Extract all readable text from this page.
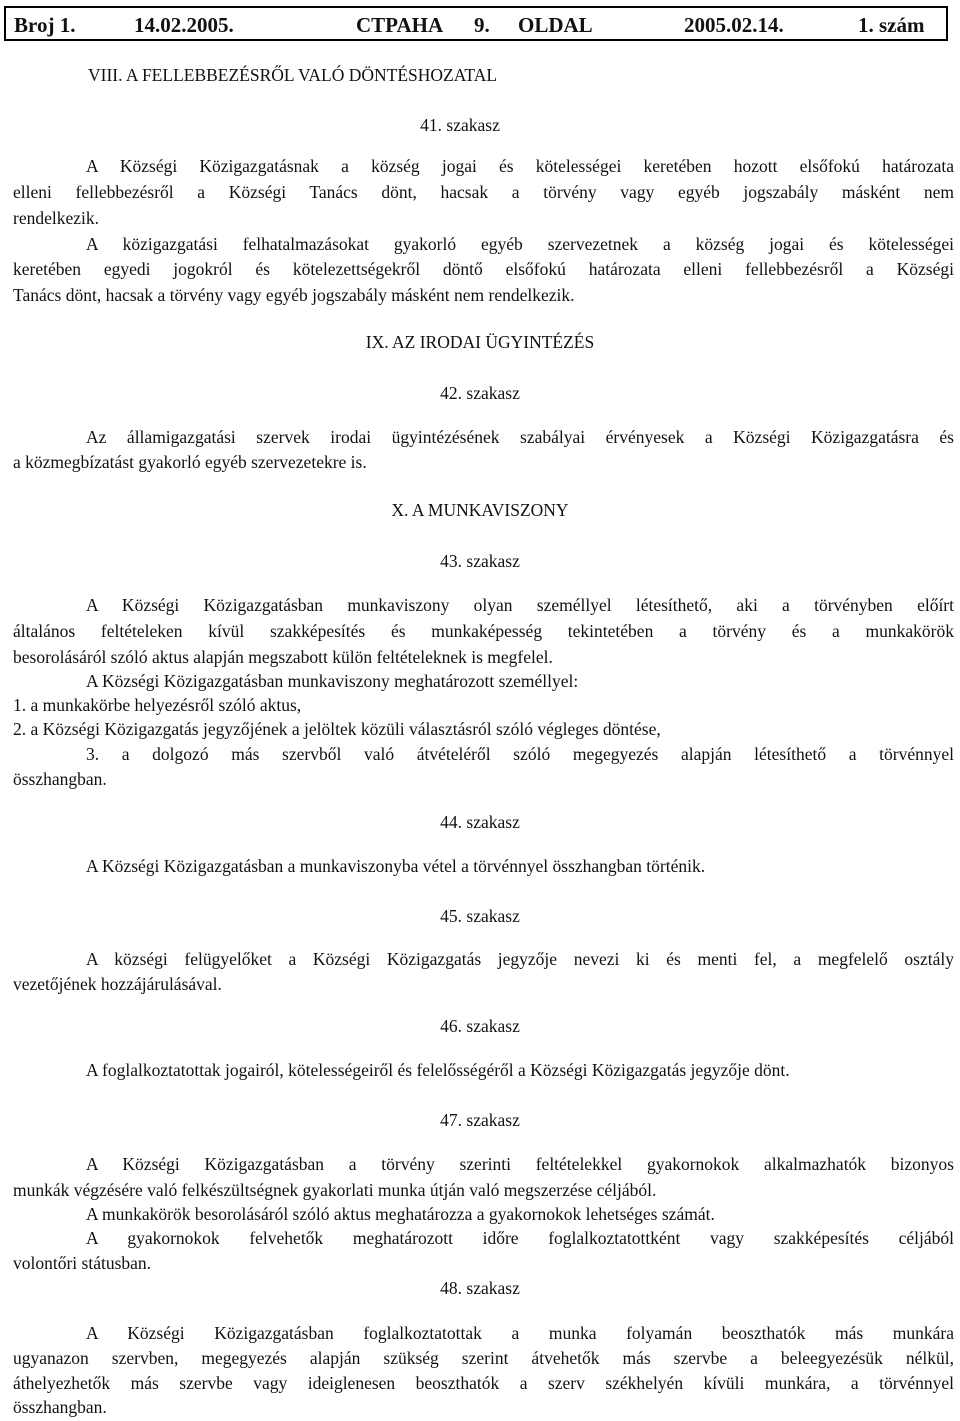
Broj 1.	14.02.2005.	CTPAHA 9. OLDAL	2005.02.14.	1. szám
VIII. A FELLEBBEZÉSRŐL VALÓ DÖNTÉSHOZATAL
41. szakasz
A Községi Közigazgatásnak a község jogai és kötelességei keretében hozott elsőfokú határozata
elleni fellebbezésről a Községi Tanács dönt, hacsak a törvény vagy egyéb jogszabály másként nem
rendelkezik.
A közigazgatási felhatalmazásokat gyakorló egyéb szervezetnek a község jogai és kötelességei
keretében egyedi jogokról és kötelezettségekről döntő elsőfokú határozata elleni fellebbezésről a Községi
Tanács dönt, hacsak a törvény vagy egyéb jogszabály másként nem rendelkezik.
IX. AZ IRODAI ÜGYINTÉZÉS
42. szakasz
Az államigazgatási szervek irodai ügyintézésének szabályai érvényesek a Községi Közigazgatásra és
a közmegbízatást gyakorló egyéb szervezetekre is.
X. A MUNKAVISZONY
43. szakasz
A Községi Közigazgatásban munkaviszony olyan személlyel létesíthető, aki a törvényben előírt
általános feltételeken kívül szakképesítés és munkaképesség tekintetében a törvény és a munkakörök
besorolásáról szóló aktus alapján megszabott külön feltételeknek is megfelel.
A Községi Közigazgatásban munkaviszony meghatározott személlyel:
1. a munkakörbe helyezésről szóló aktus,
2. a Községi Közigazgatás jegyzőjének a jelöltek közüli választásról szóló végleges döntése,
3. a dolgozó más szervből való átvételéről szóló megegyezés alapján létesíthető a törvénnyel
összhangban.
44. szakasz
A Községi Közigazgatásban a munkaviszonyba vétel a törvénnyel összhangban történik.
45. szakasz
A községi felügyelőket a Községi Közigazgatás jegyzője nevezi ki és menti fel, a megfelelő osztály
vezetőjének hozzájárulásával.
46. szakasz
A foglalkoztatottak jogairól, kötelességeiről és felelősségéről a Községi Közigazgatás jegyzője dönt.
47. szakasz
A Községi Közigazgatásban a törvény szerinti feltételekkel gyakornokok alkalmazhatók bizonyos
munkák végzésére való felkészültségnek gyakorlati munka útján való megszerzése céljából.
A munkakörök besorolásáról szóló aktus meghatározza a gyakornokok lehetséges számát.
A gyakornokok felvehetők meghatározott időre foglalkoztatottként vagy szakképesítés céljából
volontőri státusban.
48. szakasz
A Községi Közigazgatásban foglalkoztatottak a munka folyamán beoszthatók más munkára
ugyanazon szervben, megegyezés alapján szükség szerint átvehetők más szervbe a beleegyezésük nélkül,
áthelyezhetők más szervbe vagy ideiglenesen beoszthatók a szerv székhelyén kívüli munkára, a törvénnyel
összhangban.
